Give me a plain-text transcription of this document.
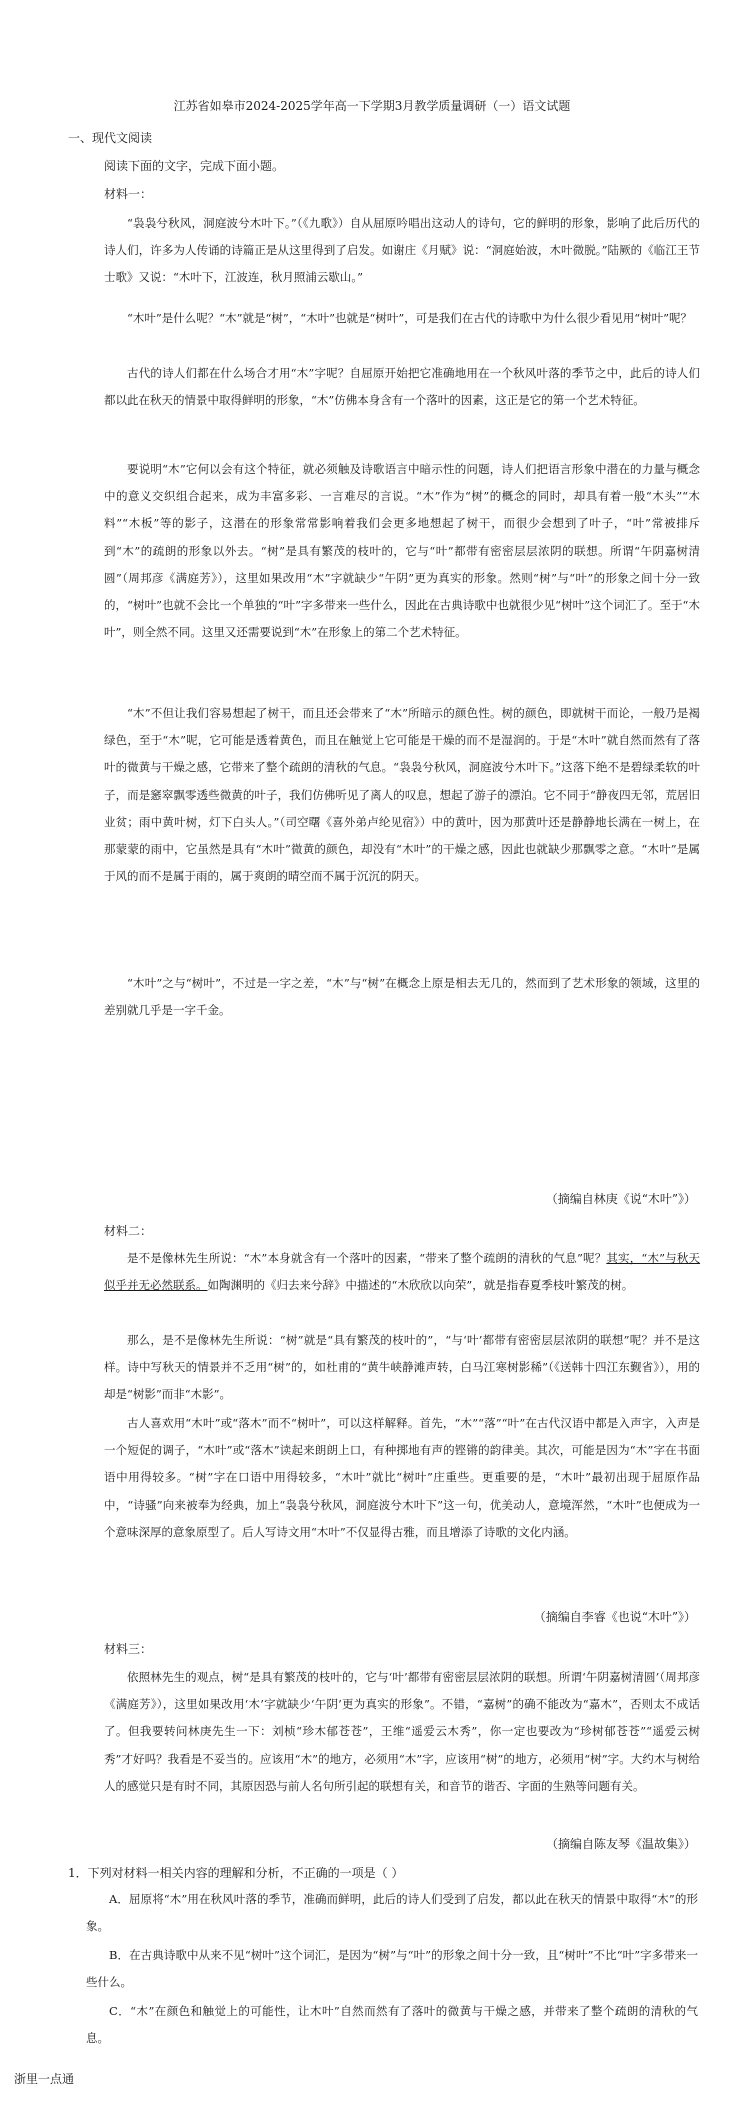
江苏省如皋市2024-2025学年高一下学期3月教学质量调研（一）语文试题
一、现代文阅读
阅读下面的文字，完成下面小题。
材料一：

“袅袅兮秋风，洞庭波兮木叶下。”（《九歌》）自从屈原吟唱出这动人的诗句，它的鲜明的形象，影响了此后历代的诗人们，许多为人传诵的诗篇正是从这里得到了启发。如谢庄《月赋》说：“洞庭始波，木叶微脱。”陆厥的《临江王节士歌》又说：“木叶下，江波连，秋月照浦云歇山。”

“木叶”是什么呢？“木”就是“树”，“木叶”也就是“树叶”，可是我们在古代的诗歌中为什么很少看见用“树叶”呢？

古代的诗人们都在什么场合才用“木”字呢？自屈原开始把它准确地用在一个秋风叶落的季节之中，此后的诗人们都以此在秋天的情景中取得鲜明的形象，“木”仿佛本身含有一个落叶的因素，这正是它的第一个艺术特征。

要说明“木”它何以会有这个特征，就必须触及诗歌语言中暗示性的问题，诗人们把语言形象中潜在的力量与概念中的意义交织组合起来，成为丰富多彩、一言难尽的言说。“木”作为“树”的概念的同时，却具有着一般“木头”“木料”“木板”等的影子，这潜在的形象常常影响着我们会更多地想起了树干，而很少会想到了叶子，“叶”常被排斥到“木”的疏朗的形象以外去。“树”是具有繁茂的枝叶的，它与“叶”都带有密密层层浓阴的联想。所谓“午阴嘉树清圆”（周邦彦《满庭芳》），这里如果改用“木”字就缺少“午阴”更为真实的形象。然则“树”与“叶”的形象之间十分一致的，“树叶”也就不会比一个单独的“叶”字多带来一些什么，因此在古典诗歌中也就很少见“树叶”这个词汇了。至于“木叶”，则全然不同。这里又还需要说到“木”在形象上的第二个艺术特征。

“木”不但让我们容易想起了树干，而且还会带来了“木”所暗示的颜色性。树的颜色，即就树干而论，一般乃是褐绿色，至于“木”呢，它可能是透着黄色，而且在触觉上它可能是干燥的而不是湿润的。于是“木叶”就自然而然有了落叶的微黄与干燥之感，它带来了整个疏朗的清秋的气息。“袅袅兮秋风，洞庭波兮木叶下。”这落下绝不是碧绿柔软的叶子，而是窸窣飘零透些微黄的叶子，我们仿佛听见了离人的叹息，想起了游子的漂泊。它不同于“静夜四无邻，荒居旧业贫；雨中黄叶树，灯下白头人。”（司空曙《喜外弟卢纶见宿》）中的黄叶，因为那黄叶还是静静地长满在一树上，在那蒙蒙的雨中，它虽然是具有“木叶”微黄的颜色，却没有“木叶”的干燥之感，因此也就缺少那飘零之意。“木叶”是属于风的而不是属于雨的，属于爽朗的晴空而不属于沉沉的阴天。

“木叶”之与“树叶”，不过是一字之差，“木”与“树”在概念上原是相去无几的，然而到了艺术形象的领域，这里的差别就几乎是一字千金。

（摘编自林庚《说“木叶”》）
材料二：

是不是像林先生所说：“木”本身就含有一个落叶的因素，“带来了整个疏朗的清秋的气息”呢？其实，“木”与秋天似乎并无必然联系。如陶渊明的《归去来兮辞》中描述的“木欣欣以向荣”，就是指春夏季枝叶繁茂的树。

那么，是不是像林先生所说：“树”就是“具有繁茂的枝叶的”，“与‘叶’都带有密密层层浓阴的联想”呢？并不是这样。诗中写秋天的情景并不乏用“树”的，如杜甫的“黄牛峡静滩声转，白马江寒树影稀”（《送韩十四江东觐省》），用的却是“树影”而非“木影”。

古人喜欢用“木叶”或“落木”而不“树叶”，可以这样解释。首先，“木”“落”“叶”在古代汉语中都是入声字，入声是一个短促的调子，“木叶”或“落木”读起来朗朗上口，有种掷地有声的铿锵的韵律美。其次，可能是因为“木”字在书面语中用得较多。“树”字在口语中用得较多，“木叶”就比“树叶”庄重些。更重要的是，“木叶”最初出现于屈原作品中，“诗骚”向来被奉为经典，加上“袅袅兮秋风，洞庭波兮木叶下”这一句，优美动人，意境浑然，“木叶”也便成为一个意味深厚的意象原型了。后人写诗文用“木叶”不仅显得古雅，而且增添了诗歌的文化内涵。

（摘编自李睿《也说“木叶”》）
材料三：

依照林先生的观点，树“是具有繁茂的枝叶的，它与‘叶’都带有密密层层浓阴的联想。所谓‘午阴嘉树清圆’（周邦彦《满庭芳》），这里如果改用‘木’字就缺少‘午阴’更为真实的形象”。不错，“嘉树”的确不能改为“嘉木”，否则太不成话了。但我要转问林庚先生一下：刘桢“珍木郁苍苍”，王维“遥爱云木秀”，你一定也要改为“珍树郁苍苍”“遥爱云树秀”才好吗？我看是不妥当的。应该用“木”的地方，必须用“木”字，应该用“树”的地方，必须用“树”字。大约木与树给人的感觉只是有时不同，其原因恐与前人名句所引起的联想有关，和音节的谐否、字面的生熟等问题有关。

（摘编自陈友琴《温故集》）
1．下列对材料一相关内容的理解和分析，不正确的一项是（ ）

A．屈原将“木”用在秋风叶落的季节，准确而鲜明，此后的诗人们受到了启发，都以此在秋天的情景中取得“木”的形象。

B．在古典诗歌中从来不见“树叶”这个词汇，是因为“树”与“叶”的形象之间十分一致，且“树叶”不比“叶”字多带来一些什么。

C．“木”在颜色和触觉上的可能性，让木叶”自然而然有了落叶的微黄与干燥之感，并带来了整个疏朗的清秋的气息。

浙里一点通
